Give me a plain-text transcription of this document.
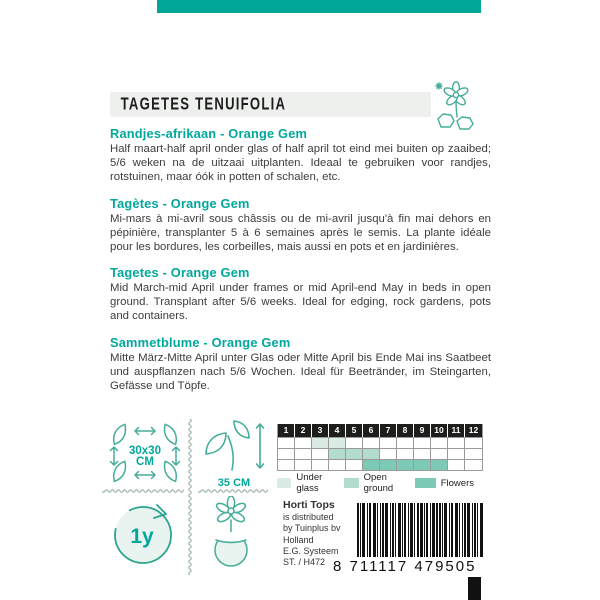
TAGETES TENUIFOLIA
Randjes-afrikaan - Orange Gem

Half maart-half april onder glas of half april tot eind mei buiten op zaaibed; 5/6 weken na de uitzaai uitplanten. Ideaal te gebruiken voor randjes, rotstuinen, maar óók in potten of schalen, etc.

Tagètes - Orange Gem

Mi-mars à mi-avril sous châssis ou de mi-avril jusqu'à fin mai dehors en pépinière, transplanter 5 à 6 semaines après le semis. La plante idéale pour les bordures, les corbeilles, mais aussi en pots et en jardinières.

Tagetes - Orange Gem

Mid March-mid April under frames or mid April-end May in beds in open ground. Transplant after 5/6 weeks. Ideal for edging, rock gardens, pots and containers.

Sammetblume - Orange Gem

Mitte März-Mitte April unter Glas oder Mitte April bis Ende Mai ins Saatbeet und auspflanzen nach 5/6 Wochen. Ideal für Beetränder, im Steingarten, Gefässe und Töpfe.

30x30
CM
35 CM
1y
1	2	3	4	5	6	7	8	9	10 11 12
Under glass
Open ground	Flowers
Horti Tops
is distributed
by Tuinplus bv
Holland
E.G. Systeem
ST. / H472 8 711117 479505
